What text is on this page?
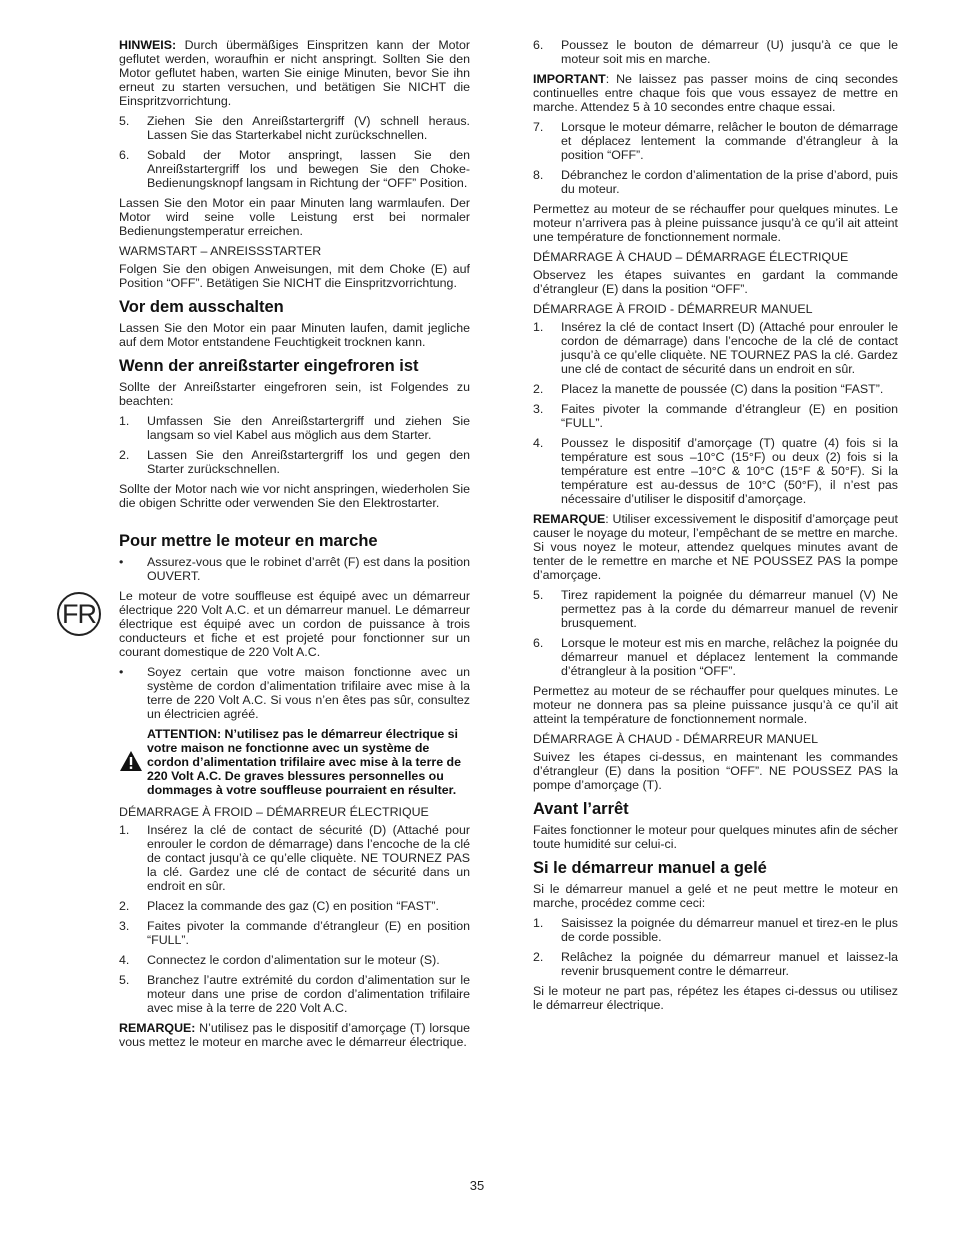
HINWEIS: Durch übermäßiges Einspritzen kann der Motor geflutet werden, woraufhin er nicht anspringt. Sollten Sie den Motor geflutet haben, warten Sie einige Minuten, bevor Sie ihn erneut zu starten versuchen, und betätigen Sie NICHT die Einspritzvorrichtung.

5.	Ziehen Sie den Anreißstartergriff (V) schnell heraus. Lassen Sie das Starterkabel nicht zurückschnellen.
6.	Sobald der Motor anspringt, lassen Sie den Anreißstartergriff los und bewegen Sie den Choke-Bedienungsknopf langsam in Richtung der “OFF” Position.

Lassen Sie den Motor ein paar Minuten lang warmlaufen. Der Motor wird seine volle Leistung erst bei normaler Bedienungstemperatur erreichen.

WARMSTART – ANREISSSTARTER

Folgen Sie den obigen Anweisungen, mit dem Choke (E) auf Position “OFF”. Betätigen Sie NICHT die Einspritzvorrichtung.

Vor dem ausschalten

Lassen Sie den Motor ein paar Minuten laufen, damit jegliche auf dem Motor entstandene Feuchtigkeit trocknen kann.

Wenn der anreißstarter eingefroren ist

Sollte der Anreißstarter eingefroren sein, ist Folgendes zu beachten:

1.	Umfassen Sie den Anreißstartergriff und ziehen Sie langsam so viel Kabel aus möglich aus dem Starter.
2.	Lassen Sie den Anreißstartergriff los und gegen den Starter zurückschnellen.

Sollte der Motor nach wie vor nicht anspringen, wiederholen Sie die obigen Schritte oder verwenden Sie den Elektrostarter.

Pour mettre le moteur en marche
•	Assurez-vous que le robinet d’arrêt (F) est dans la position OUVERT.

Le moteur de votre souffleuse est équipé avec un démarreur électrique 220 Volt A.C. et un démarreur manuel. Le démarreur électrique est équipé avec un cordon de puissance à trois conducteurs et fiche et est projeté pour fonctionner sur un courant domestique de 220 Volt A.C.

•	Soyez certain que votre maison fonctionne avec un système de cordon d’alimentation trifilaire avec mise à la terre de 220 Volt A.C. Si vous n’en êtes pas sûr, consultez un électricien agréé.
ATTENTION: N’utilisez pas le démarreur électrique si votre maison ne fonctionne avec un système de cordon d’alimentation trifilaire avec mise à la terre de 220 Volt A.C. De graves blessures personnelles ou dommages à votre souffleuse pourraient en résulter.

DÉMARRAGE À FROID – DÉMARREUR ÉLECTRIQUE

1.	Insérez la clé de contact de sécurité (D) (Attaché pour enrouler le cordon de démarrage) dans l’encoche de la clé de contact jusqu’à ce qu’elle cliquète. NE TOURNEZ PAS la clé. Gardez une clé de contact de sécurité dans un endroit en sûr.
2.	Placez la commande des gaz (C) en position “FAST”.
3.	Faites pivoter la commande d’étrangleur (E) en position “FULL”.
4.	Connectez le cordon d’alimentation sur le moteur (S).
5.	Branchez l’autre extrémité du cordon d’alimentation sur le moteur dans une prise de cordon d’alimentation trifilaire avec mise à la terre de 220 Volt A.C.

REMARQUE: N’utilisez pas le dispositif d’amorçage (T) lorsque vous mettez le moteur en marche avec le démarreur électrique.

6.	Poussez le bouton de démarreur (U) jusqu’à ce que le moteur soit mis en marche.

IMPORTANT: Ne laissez pas passer moins de cinq secondes continuelles entre chaque fois que vous essayez de mettre en marche. Attendez 5 à 10 secondes entre chaque essai.

7.	Lorsque le moteur démarre, relâcher le bouton de démarrage et déplacez lentement la commande d’étrangleur à la position “OFF”.
8.	Débranchez le cordon d’alimentation de la prise d’abord, puis du moteur.

Permettez au moteur de se réchauffer pour quelques minutes. Le moteur n’arrivera pas à pleine puissance jusqu’à ce qu’il ait atteint une température de fonctionnement normale.

DÉMARRAGE À CHAUD – DÉMARRAGE ÉLECTRIQUE

Observez les étapes suivantes en gardant la commande d’étrangleur (E) dans la position “OFF”.

DÉMARRAGE À FROID - DÉMARREUR MANUEL

1.	Insérez la clé de contact Insert (D) (Attaché pour enrouler le cordon de démarrage) dans l’encoche de la clé de contact jusqu’à ce qu’elle cliquète. NE TOURNEZ PAS la clé. Gardez une clé de contact de sécurité dans un endroit en sûr.
2.	Placez la manette de poussée (C) dans la position “FAST”.
3.	Faites pivoter la commande d’étrangleur (E) en position “FULL”.
4.	Poussez le dispositif d’amorçage (T) quatre (4) fois si la température est sous –10°C (15°F) ou deux (2) fois si la température est entre –10°C & 10°C (15°F & 50°F). Si la température est au-dessus de 10°C (50°F), il n’est pas nécessaire d’utiliser le dispositif d’amorçage.

REMARQUE: Utiliser excessivement le dispositif d’amorçage peut causer le noyage du moteur, l’empêchant de se mettre en marche. Si vous noyez le moteur, attendez quelques minutes avant de tenter de le remettre en marche et NE POUSSEZ PAS la pompe d’amorçage.

5.	Tirez rapidement la poignée du démarreur manuel (V) Ne permettez pas à la corde du démarreur manuel de revenir brusquement.
6.	Lorsque le moteur est mis en marche, relâchez la poignée du démarreur manuel et déplacez lentement la commande d’étrangleur à la position “OFF”.

Permettez au moteur de se réchauffer pour quelques minutes. Le moteur ne donnera pas sa pleine puissance jusqu’à ce qu’il ait atteint la température de fonctionnement normale.

DÉMARRAGE À CHAUD - DÉMARREUR MANUEL

Suivez les étapes ci-dessus, en maintenant les commandes d’étrangleur (E) dans la position “OFF”. NE POUSSEZ PAS la pompe d’amorçage (T).

Avant l’arrêt

Faites fonctionner le moteur pour quelques minutes afin de sécher toute humidité sur celui-ci.

Si le démarreur manuel a gelé

Si le démarreur manuel a gelé et ne peut mettre le moteur en marche, procédez comme ceci:

1.	Saisissez la poignée du démarreur manuel et tirez-en le plus de corde possible.
2.	Relâchez la poignée du démarreur manuel et laissez-la revenir brusquement contre le démarreur.

Si le moteur ne part pas, répétez les étapes ci-dessus ou utilisez le démarreur électrique.

FR
35
